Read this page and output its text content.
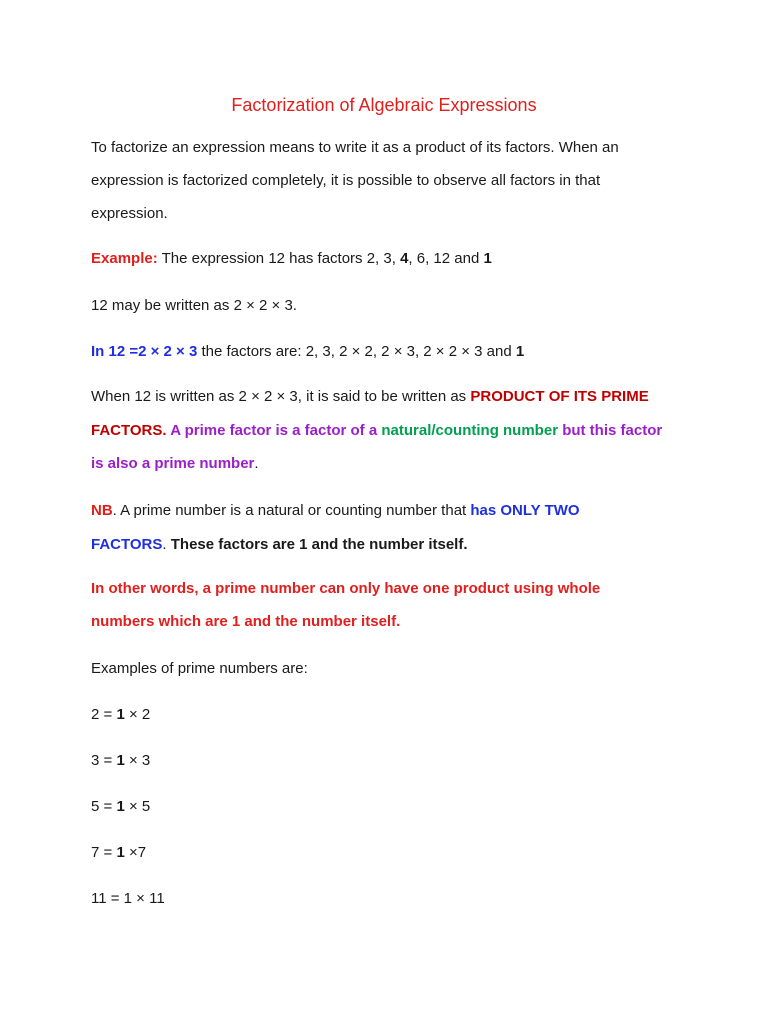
Factorization of Algebraic Expressions
To factorize an expression means to write it as a product of its factors. When an
expression is factorized completely, it is possible to observe all factors in that
expression.
Example: The expression 12 has factors 2, 3, 4, 6, 12 and 1
12 may be written as 2 × 2 × 3.
In 12 =2 × 2 × 3 the factors are: 2, 3, 2 × 2, 2 × 3, 2 × 2 × 3 and 1
When 12 is written as 2 × 2 × 3, it is said to be written as PRODUCT OF ITS PRIME
FACTORS. A prime factor is a factor of a natural/counting number but this factor
is also a prime number.
NB. A prime number is a natural or counting number that has ONLY TWO
FACTORS. These factors are 1 and the number itself.
In other words, a prime number can only have one product using whole
numbers which are 1 and the number itself.
Examples of prime numbers are:
2 = 1 × 2
3 = 1 × 3
5 = 1 × 5
7 = 1 ×7
11 = 1 × 11
